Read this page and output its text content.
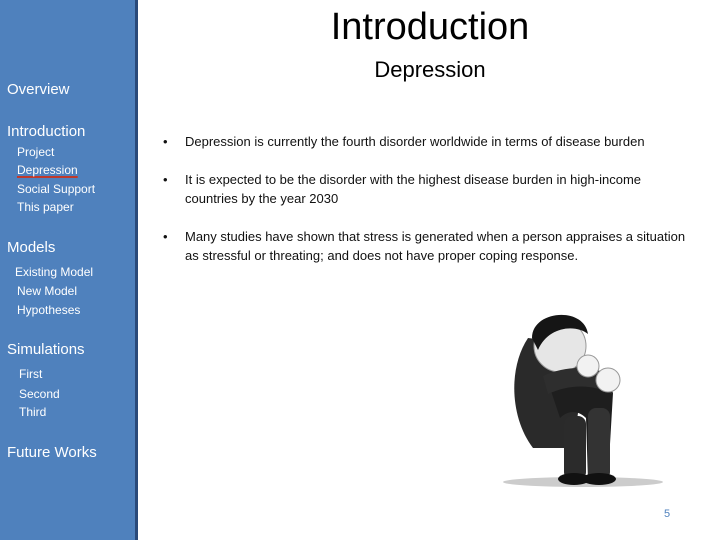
Overview
Introduction
Project
Depression
Social Support
This paper
Models
Existing Model
New Model
Hypotheses
Simulations
First
Second
Third
Future Works
Introduction
Depression
• Depression is currently the fourth disorder worldwide in terms of disease burden
• It is expected to be the disorder with the highest disease burden in high-income countries by the year 2030
• Many studies have shown that stress is generated when a person appraises a situation as stressful or threating; and does not have proper coping response.
5
